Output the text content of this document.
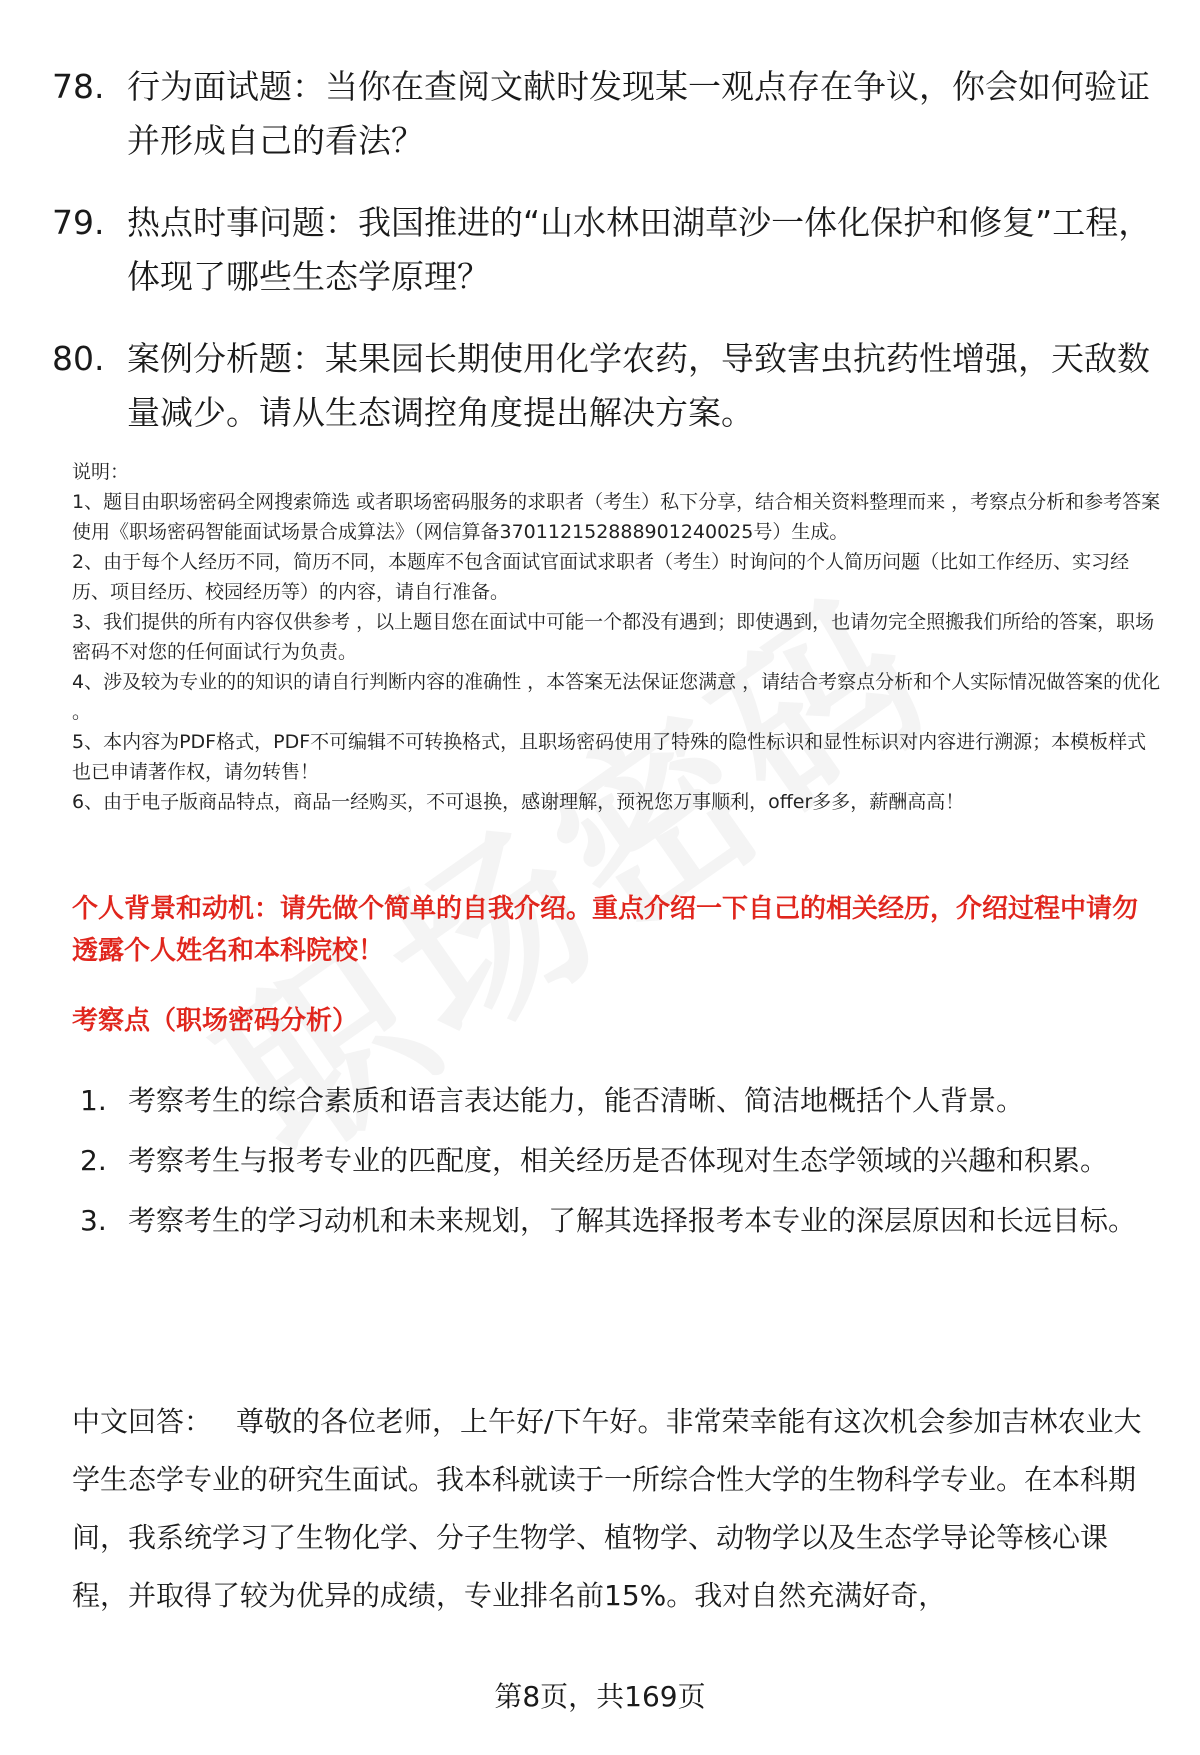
78. 行为面试题：当你在查阅文献时发现某一观点存在争议，你会如何验证并形成自己的看法？
79. 热点时事问题：我国推进的“山水林田湖草沙一体化保护和修复”工程，体现了哪些生态学原理？
80. 案例分析题：某果园长期使用化学农药，导致害虫抗药性增强，天敌数量减少。请从生态调控角度提出解决方案。

说明：

1、题目由职场密码全网搜索筛选 或者职场密码服务的求职者（考生）私下分享，结合相关资料整理而来 ，考察点分析和参考答案使用《职场密码智能面试场景合成算法》（网信算备370112152888901240025号）生成。

2、由于每个人经历不同，简历不同，本题库不包含面试官面试求职者（考生）时询问的个人简历问题（比如工作经历、实习经历、项目经历、校园经历等）的内容，请自行准备。

3、我们提供的所有内容仅供参考 ，以上题目您在面试中可能一个都没有遇到；即使遇到，也请勿完全照搬我们所给的答案，职场密码不对您的任何面试行为负责。

4、涉及较为专业的的知识的请自行判断内容的准确性 ，本答案无法保证您满意 ，请结合考察点分析和个人实际情况做答案的优化 。

5、本内容为PDF格式，PDF不可编辑不可转换格式，且职场密码使用了特殊的隐性标识和显性标识对内容进行溯源；本模板样式也已申请著作权，请勿转售！

6、由于电子版商品特点，商品一经购买，不可退换，感谢理解，预祝您万事顺利，offer多多，薪酬高高！

个人背景和动机：请先做个简单的自我介绍。重点介绍一下自己的相关经历，介绍过程中请勿透露个人姓名和本科院校！
考察点（职场密码分析）
1. 考察考生的综合素质和语言表达能力，能否清晰、简洁地概括个人背景。
2. 考察考生与报考专业的匹配度，相关经历是否体现对生态学领域的兴趣和积累。
3. 考察考生的学习动机和未来规划，了解其选择报考本专业的深层原因和长远目标。
中文回答： 尊敬的各位老师，上午好/下午好。非常荣幸能有这次机会参加吉林农业大学生态学专业的研究生面试。我本科就读于一所综合性大学的生物科学专业。在本科期间，我系统学习了生物化学、分子生物学、植物学、动物学以及生态学导论等核心课程，并取得了较为优异的成绩，专业排名前15%。我对自然充满好奇，
第8页，共169页
